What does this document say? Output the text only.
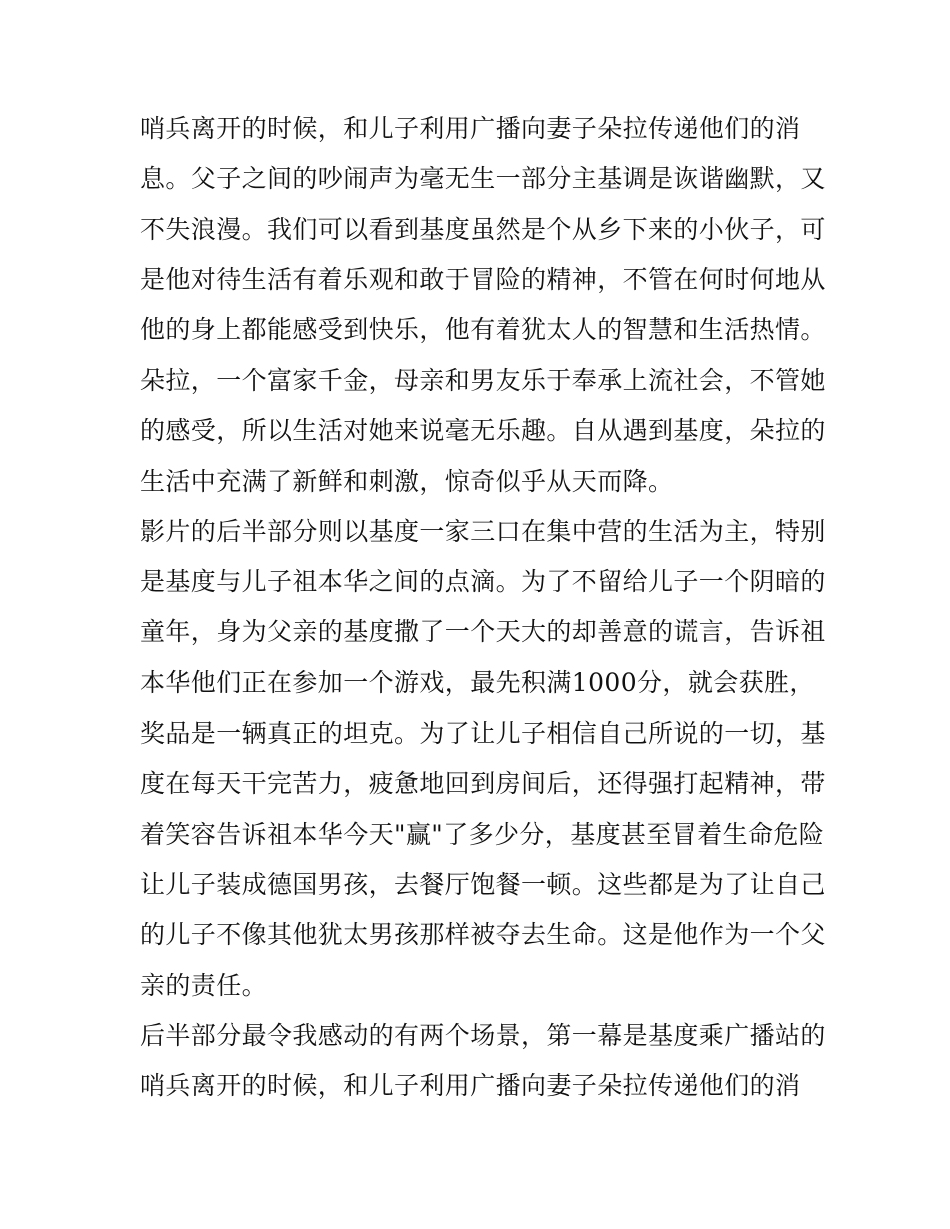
哨兵离开的时候，和儿子利用广播向妻子朵拉传递他们的消
息。父子之间的吵闹声为毫无生一部分主基调是诙谐幽默，又
不失浪漫。我们可以看到基度虽然是个从乡下来的小伙子，可
是他对待生活有着乐观和敢于冒险的精神，不管在何时何地从
他的身上都能感受到快乐，他有着犹太人的智慧和生活热情。
朵拉，一个富家千金，母亲和男友乐于奉承上流社会，不管她
的感受，所以生活对她来说毫无乐趣。自从遇到基度，朵拉的
生活中充满了新鲜和刺激，惊奇似乎从天而降。
影片的后半部分则以基度一家三口在集中营的生活为主，特别
是基度与儿子祖本华之间的点滴。为了不留给儿子一个阴暗的
童年，身为父亲的基度撒了一个天大的却善意的谎言，告诉祖
本华他们正在参加一个游戏，最先积满1000分，就会获胜，
奖品是一辆真正的坦克。为了让儿子相信自己所说的一切，基
度在每天干完苦力，疲惫地回到房间后，还得强打起精神，带
着笑容告诉祖本华今天"赢"了多少分，基度甚至冒着生命危险
让儿子装成德国男孩，去餐厅饱餐一顿。这些都是为了让自己
的儿子不像其他犹太男孩那样被夺去生命。这是他作为一个父
亲的责任。
后半部分最令我感动的有两个场景，第一幕是基度乘广播站的
哨兵离开的时候，和儿子利用广播向妻子朵拉传递他们的消
